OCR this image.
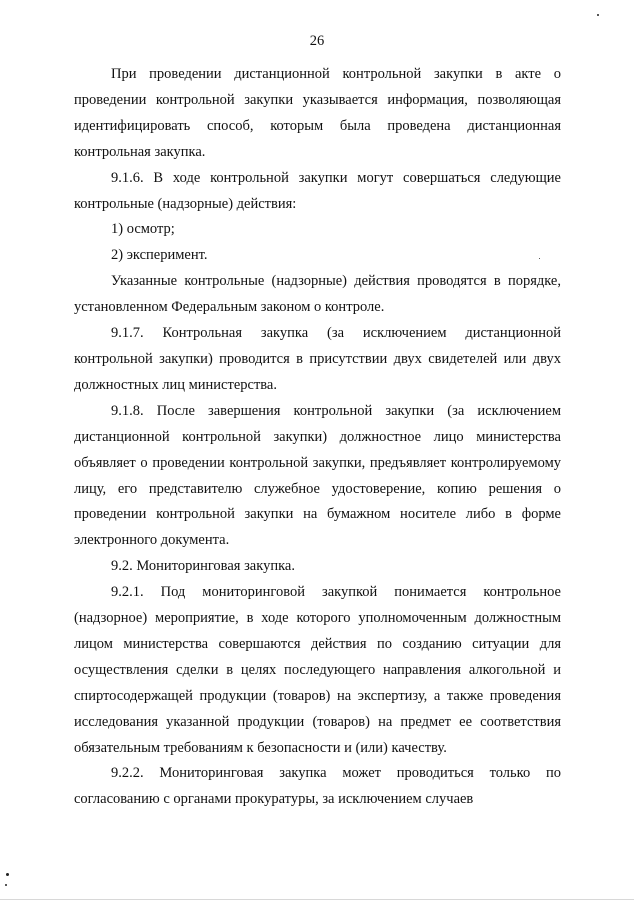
26

При проведении дистанционной контрольной закупки в акте о проведении контрольной закупки указывается информация, позволяющая идентифицировать способ, которым была проведена дистанционная контрольная закупка.

9.1.6. В ходе контрольной закупки могут совершаться следующие контрольные (надзорные) действия:

1) осмотр;

2) эксперимент.

Указанные контрольные (надзорные) действия проводятся в порядке, установленном Федеральным законом о контроле.

9.1.7. Контрольная закупка (за исключением дистанционной контрольной закупки) проводится в присутствии двух свидетелей или двух должностных лиц министерства.

9.1.8. После завершения контрольной закупки (за исключением дистанционной контрольной закупки) должностное лицо министерства объявляет о проведении контрольной закупки, предъявляет контролируемому лицу, его представителю служебное удостоверение, копию решения о проведении контрольной закупки на бумажном носителе либо в форме электронного документа.

9.2. Мониторинговая закупка.

9.2.1. Под мониторинговой закупкой понимается контрольное (надзорное) мероприятие, в ходе которого уполномоченным должностным лицом министерства совершаются действия по созданию ситуации для осуществления сделки в целях последующего направления алкогольной и спиртосодержащей продукции (товаров) на экспертизу, а также проведения исследования указанной продукции (товаров) на предмет ее соответствия обязательным требованиям к безопасности и (или) качеству.

9.2.2. Мониторинговая закупка может проводиться только по согласованию с органами прокуратуры, за исключением случаев
